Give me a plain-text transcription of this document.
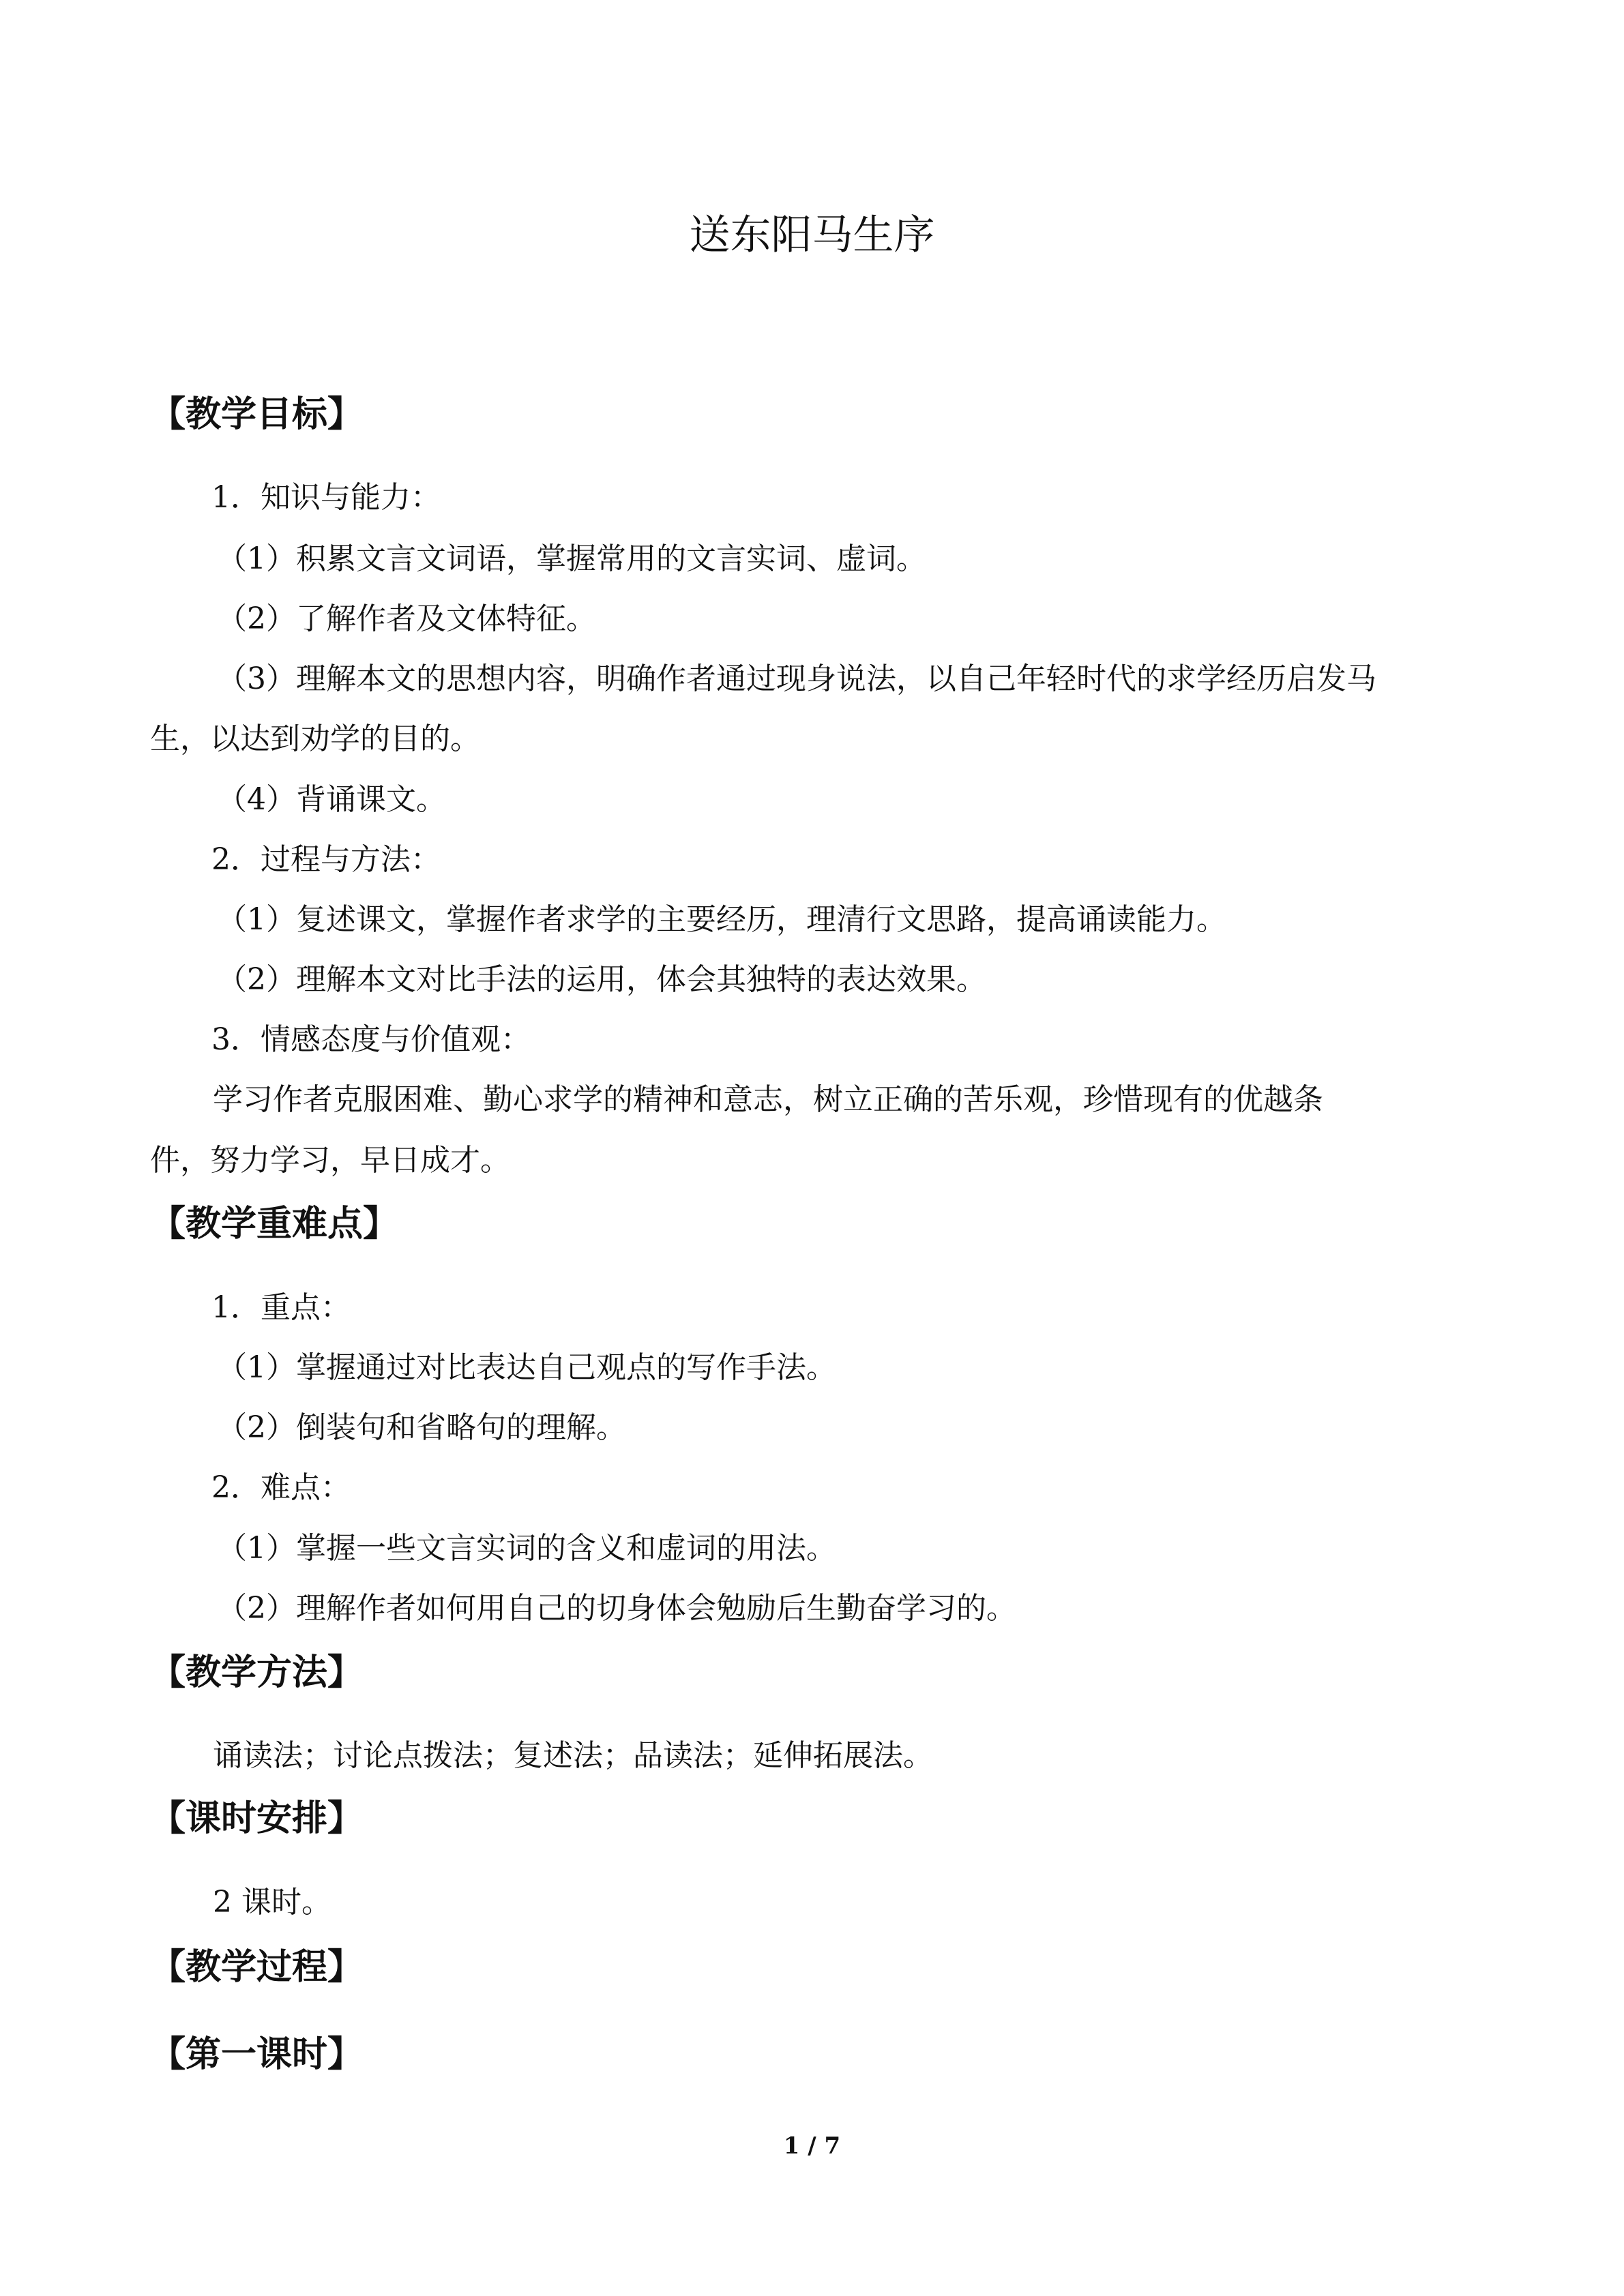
送东阳马生序
【教学目标】

1．知识与能力：

（1）积累文言文词语，掌握常用的文言实词、虚词。

（2）了解作者及文体特征。

（3）理解本文的思想内容，明确作者通过现身说法，以自己年轻时代的求学经历启发马

生，以达到劝学的目的。

（4）背诵课文。

2．过程与方法：

（1）复述课文，掌握作者求学的主要经历，理清行文思路，提高诵读能力。

（2）理解本文对比手法的运用，体会其独特的表达效果。

3．情感态度与价值观：

学习作者克服困难、勤心求学的精神和意志，树立正确的苦乐观，珍惜现有的优越条

件，努力学习，早日成才。

【教学重难点】

1．重点：

（1）掌握通过对比表达自己观点的写作手法。

（2）倒装句和省略句的理解。

2．难点：

（1）掌握一些文言实词的含义和虚词的用法。

（2）理解作者如何用自己的切身体会勉励后生勤奋学习的。

【教学方法】

诵读法；讨论点拨法；复述法；品读法；延伸拓展法。

【课时安排】

2 课时。

【教学过程】
【第一课时】
1 / 7
